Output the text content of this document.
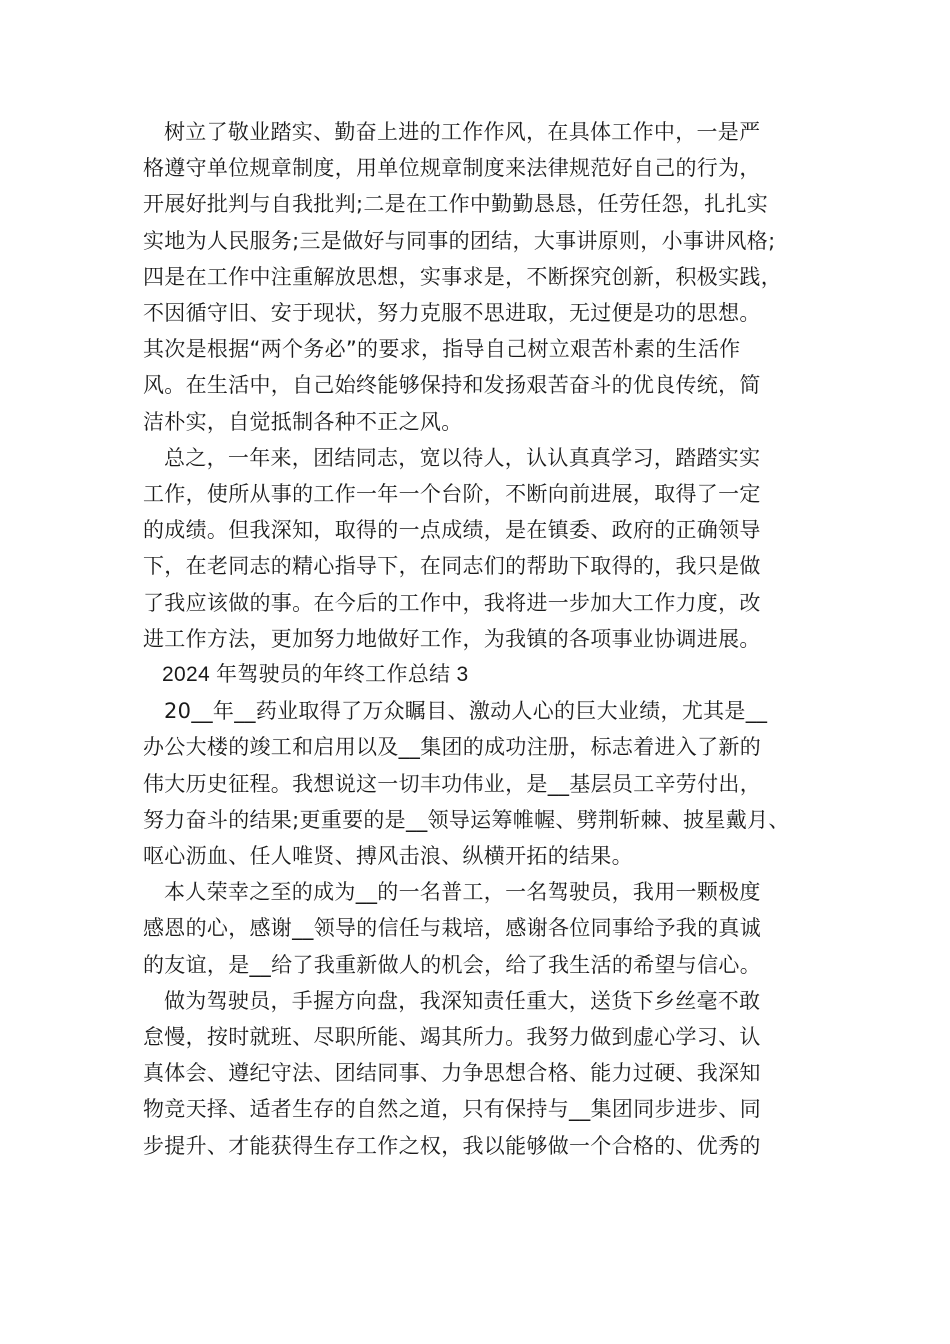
树立了敬业踏实、勤奋上进的工作作风，在具体工作中，一是严
格遵守单位规章制度，用单位规章制度来法律规范好自己的行为，
开展好批判与自我批判;二是在工作中勤勤恳恳，任劳任怨，扎扎实
实地为人民服务;三是做好与同事的团结，大事讲原则，小事讲风格;
四是在工作中注重解放思想，实事求是，不断探究创新，积极实践，
不因循守旧、安于现状，努力克服不思进取，无过便是功的思想。
其次是根据“两个务必”的要求，指导自己树立艰苦朴素的生活作
风。在生活中，自己始终能够保持和发扬艰苦奋斗的优良传统，简
洁朴实，自觉抵制各种不正之风。
总之，一年来，团结同志，宽以待人，认认真真学习，踏踏实实
工作，使所从事的工作一年一个台阶，不断向前进展，取得了一定
的成绩。但我深知，取得的一点成绩，是在镇委、政府的正确领导
下，在老同志的精心指导下，在同志们的帮助下取得的，我只是做
了我应该做的事。在今后的工作中，我将进一步加大工作力度，改
进工作方法，更加努力地做好工作，为我镇的各项事业协调进展。
2024 年驾驶员的年终工作总结 3
20__年__药业取得了万众瞩目、激动人心的巨大业绩，尤其是__
办公大楼的竣工和启用以及__集团的成功注册，标志着进入了新的
伟大历史征程。我想说这一切丰功伟业，是__基层员工辛劳付出，
努力奋斗的结果;更重要的是__领导运筹帷幄、劈荆斩棘、披星戴月、
呕心沥血、任人唯贤、搏风击浪、纵横开拓的结果。
本人荣幸之至的成为__的一名普工，一名驾驶员，我用一颗极度
感恩的心，感谢__领导的信任与栽培，感谢各位同事给予我的真诚
的友谊，是__给了我重新做人的机会，给了我生活的希望与信心。
做为驾驶员，手握方向盘，我深知责任重大，送货下乡丝毫不敢
怠慢，按时就班、尽职所能、竭其所力。我努力做到虚心学习、认
真体会、遵纪守法、团结同事、力争思想合格、能力过硬、我深知
物竞天择、适者生存的自然之道，只有保持与__集团同步进步、同
步提升、才能获得生存工作之权，我以能够做一个合格的、优秀的
